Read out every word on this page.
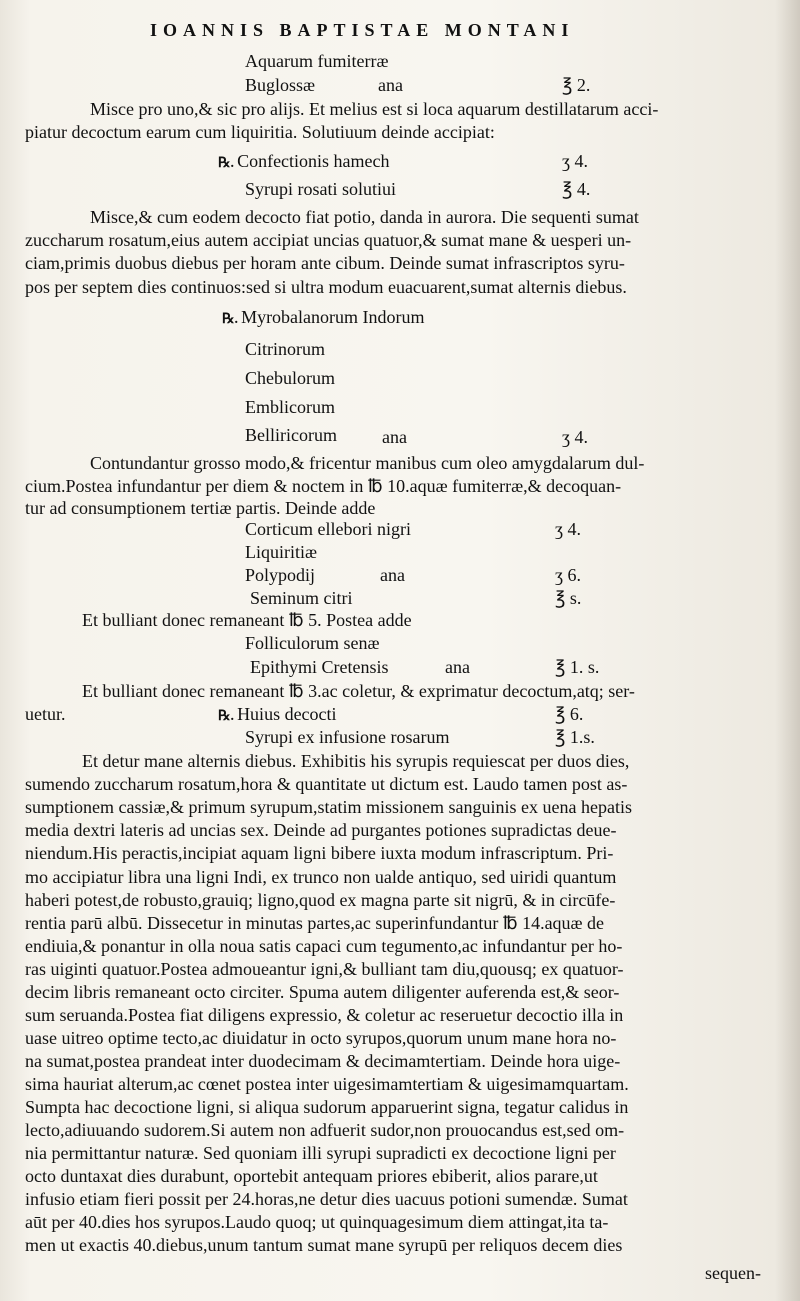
IOANNIS BAPTISTAE MONTANI
Aquarum fumiterræ
Buglossæ	ana	℥ 2.
Misce pro uno,& sic pro alijs. Et melius est si loca aquarum destillatarum acci-
piatur decoctum earum cum liquiritia. Solutiuum deinde accipiat:
℞. Confectionis hamech	ʒ 4.
Syrupi rosati solutiui	℥ 4.
Misce,& cum eodem decocto fiat potio, danda in aurora. Die sequenti sumat
zuccharum rosatum,eius autem accipiat uncias quatuor,& sumat mane & uesperi un-
ciam,primis duobus diebus per horam ante cibum. Deinde sumat infrascriptos syru-
pos per septem dies continuos:sed si ultra modum euacuarent,sumat alternis diebus.
℞. Myrobalanorum Indorum
Citrinorum
Chebulorum
Emblicorum
Belliricorum	ana	ʒ 4.
Contundantur grosso modo,& fricentur manibus cum oleo amygdalarum dul-
cium.Postea infundantur per diem & noctem in ℔ 10.aquæ fumiterræ,& decoquan-
tur ad consumptionem tertiæ partis. Deinde adde
Corticum ellebori nigri	ʒ 4.
Liquiritiæ
Polypodij	ana	ʒ 6.
Seminum citri	℥ s.
Et bulliant donec remaneant ℔ 5. Postea adde
Folliculorum senæ
Epithymi Cretensis	ana	℥ 1. s.
Et bulliant donec remaneant ℔ 3.ac coletur, & exprimatur decoctum,atq; ser-
uetur.	℞. Huius decocti	℥ 6.
Syrupi ex infusione rosarum	℥ 1.s.
Et detur mane alternis diebus. Exhibitis his syrupis requiescat per duos dies,
sumendo zuccharum rosatum,hora & quantitate ut dictum est. Laudo tamen post as-
sumptionem cassiæ,& primum syrupum,statim missionem sanguinis ex uena hepatis
media dextri lateris ad uncias sex. Deinde ad purgantes potiones supradictas deue-
niendum.His peractis,incipiat aquam ligni bibere iuxta modum infrascriptum. Pri-
mo accipiatur libra una ligni Indi, ex trunco non ualde antiquo, sed uiridi quantum
haberi potest,de robusto,grauiq; ligno,quod ex magna parte sit nigrū, & in circūfe-
rentia parū albū. Dissecetur in minutas partes,ac superinfundantur ℔ 14.aquæ de
endiuia,& ponantur in olla noua satis capaci cum tegumento,ac infundantur per ho-
ras uiginti quatuor.Postea admoueantur igni,& bulliant tam diu,quousq; ex quatuor-
decim libris remaneant octo circiter. Spuma autem diligenter auferenda est,& seor-
sum seruanda.Postea fiat diligens expressio, & coletur ac reseruetur decoctio illa in
uase uitreo optime tecto,ac diuidatur in octo syrupos,quorum unum mane hora no-
na sumat,postea prandeat inter duodecimam & decimamtertiam. Deinde hora uige-
sima hauriat alterum,ac cœnet postea inter uigesimamtertiam & uigesimamquartam.
Sumpta hac decoctione ligni, si aliqua sudorum apparuerint signa, tegatur calidus in
lecto,adiuuando sudorem.Si autem non adfuerit sudor,non prouocandus est,sed om-
nia permittantur naturæ. Sed quoniam illi syrupi supradicti ex decoctione ligni per
octo duntaxat dies durabunt, oportebit antequam priores ebiberit, alios parare,ut
infusio etiam fieri possit per 24.horas,ne detur dies uacuus potioni sumendæ. Sumat
aūt per 40.dies hos syrupos.Laudo quoq; ut quinquagesimum diem attingat,ita ta-
men ut exactis 40.diebus,unum tantum sumat mane syrupū per reliquos decem dies
sequen-
